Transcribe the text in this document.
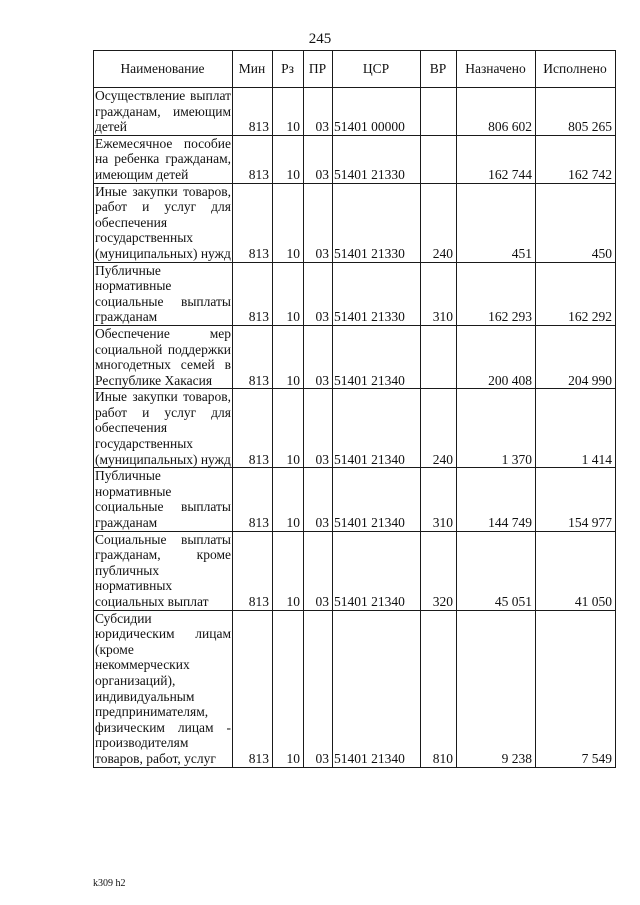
245
Наименование	Мин	Рз	ПР	ЦСР	ВР	Назначено	Исполнено
Осуществление выплат гражданам, имеющим детей	813	10	03	51401 00000		806 602	805 265
Ежемесячное пособие на ребенка гражданам, имеющим детей	813	10	03	51401 21330		162 744	162 742
Иные закупки товаров, работ и услуг для обеспечения государственных (муниципальных) нужд	813	10	03	51401 21330	240	451	450
Публичные нормативные социальные выплаты гражданам	813	10	03	51401 21330	310	162 293	162 292
Обеспечение мер социальной поддержки многодетных семей в Республике Хакасия	813	10	03	51401 21340		200 408	204 990
Иные закупки товаров, работ и услуг для обеспечения государственных (муниципальных) нужд	813	10	03	51401 21340	240	1 370	1 414
Публичные нормативные социальные выплаты гражданам	813	10	03	51401 21340	310	144 749	154 977
Социальные выплаты гражданам, кроме публичных нормативных социальных выплат	813	10	03	51401 21340	320	45 051	41 050
Субсидии юридическим лицам (кроме некоммерческих организаций), индивидуальным предпринимателям, физическим лицам - производителям товаров, работ, услуг	813	10	03	51401 21340	810	9 238	7 549
k309 h2
